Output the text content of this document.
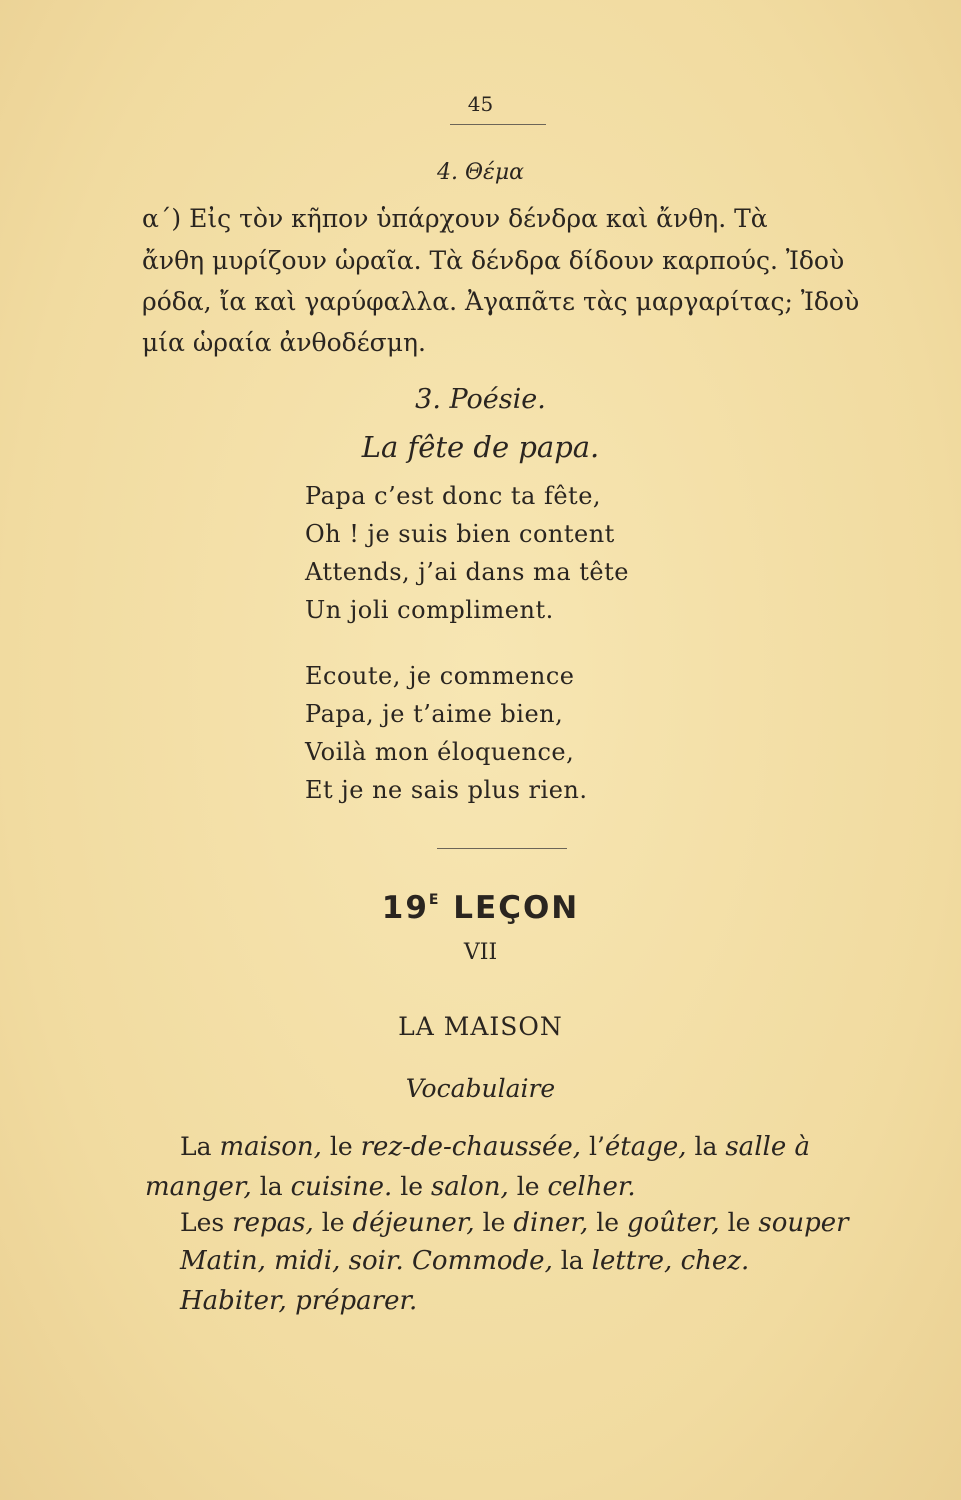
45
4. Θέμα
α΄) Εἰς τὸν κῆπον ὑπάρχουν δένδρα καὶ ἄνθη. Τὰ
ἄνθη μυρίζουν ὡραῖα. Τὰ δένδρα δίδουν καρπούς. Ἰδοὺ
ρόδα, ἴα καὶ γαρύφαλλα. Ἀγαπᾶτε τὰς μαργαρίτας; Ἰδοὺ
μία ὡραία ἀνθοδέσμη.
3. Poésie.
La fête de papa.
Papa c’est donc ta fête,
Oh ! je suis bien content
Attends, j’ai dans ma tête
Un joli compliment.
Ecoute, je commence
Papa, je t’aime bien,
Voilà mon éloquence,
Et je ne sais plus rien.
$19^E$ LEÇON
VII
LA MAISON
Vocabulaire
La maison, le rez-de-chaussée, l’étage, la salle à
manger, la cuisine. le salon, le celher.
Les repas, le déjeuner, le diner, le goûter, le souper
Matin, midi, soir. Commode, la lettre, chez.
Habiter, préparer.
